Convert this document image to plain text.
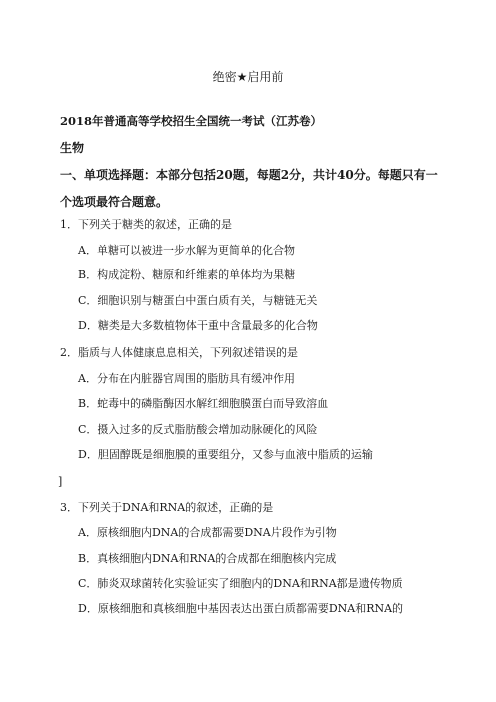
绝密★启用前
2018年普通高等学校招生全国统一考试（江苏卷）
生物
一、单项选择题：本部分包括20题，每题2分，共计40分。每题只有一
个选项最符合题意。
1．下列关于糖类的叙述，正确的是
A．单糖可以被进一步水解为更简单的化合物
B．构成淀粉、糖原和纤维素的单体均为果糖
C．细胞识别与糖蛋白中蛋白质有关，与糖链无关
D．糖类是大多数植物体干重中含量最多的化合物
2．脂质与人体健康息息相关，下列叙述错误的是
A．分布在内脏器官周围的脂肪具有缓冲作用
B．蛇毒中的磷脂酶因水解红细胞膜蛋白而导致溶血
C．摄入过多的反式脂肪酸会增加动脉硬化的风险
D．胆固醇既是细胞膜的重要组分，又参与血液中脂质的运输
]
3．下列关于DNA和RNA的叙述，正确的是
A．原核细胞内DNA的合成都需要DNA片段作为引物
B．真核细胞内DNA和RNA的合成都在细胞核内完成
C．肺炎双球菌转化实验证实了细胞内的DNA和RNA都是遗传物质
D．原核细胞和真核细胞中基因表达出蛋白质都需要DNA和RNA的
